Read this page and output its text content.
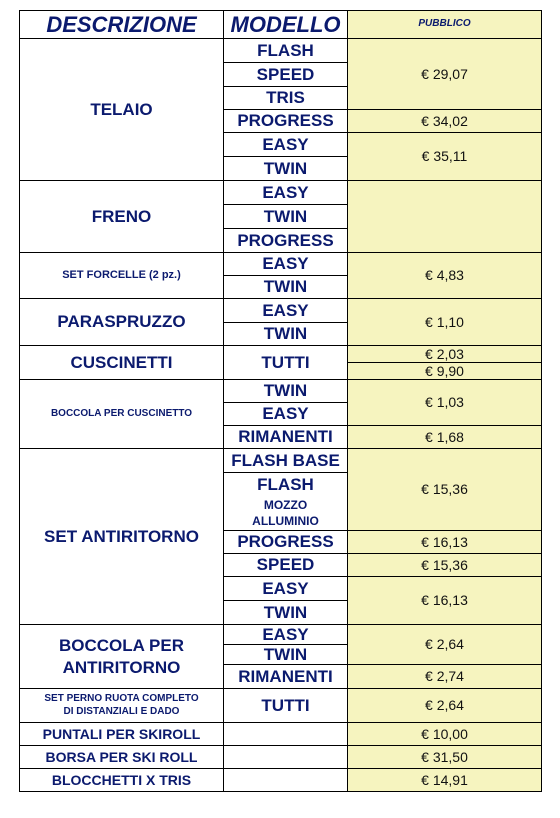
DESCRIZIONE	MODELLO	PUBBLICO
TELAIO	FLASH	€ 29,07
	SPEED	
	TRIS	
	PROGRESS	€ 34,02
	EASY	€ 35,11
	TWIN	
FRENO	EASY	
	TWIN	
	PROGRESS	
SET FORCELLE (2 pz.)	EASY	€ 4,83
	TWIN	
PARASPRUZZO	EASY	€ 1,10
	TWIN	
CUSCINETTI	TUTTI	€ 2,03
		€ 9,90
BOCCOLA PER CUSCINETTO	TWIN	€ 1,03
	EASY	
	RIMANENTI	€ 1,68
SET ANTIRITORNO	FLASH BASE	€ 15,36
	FLASH	
	MOZZO ALLUMINIO	
	PROGRESS	€ 16,13
	SPEED	€ 15,36
	EASY	€ 16,13
	TWIN	

BOCCOLA PER
ANTIRITORNO	EASY	€ 2,64
	TWIN	
	RIMANENTI	€ 2,74

SET PERNO RUOTA COMPLETO
DI DISTANZIALI E DADO	TUTTI	€ 2,64
PUNTALI PER SKIROLL		€ 10,00
BORSA PER SKI ROLL		€ 31,50
BLOCCHETTI X TRIS		€ 14,91
